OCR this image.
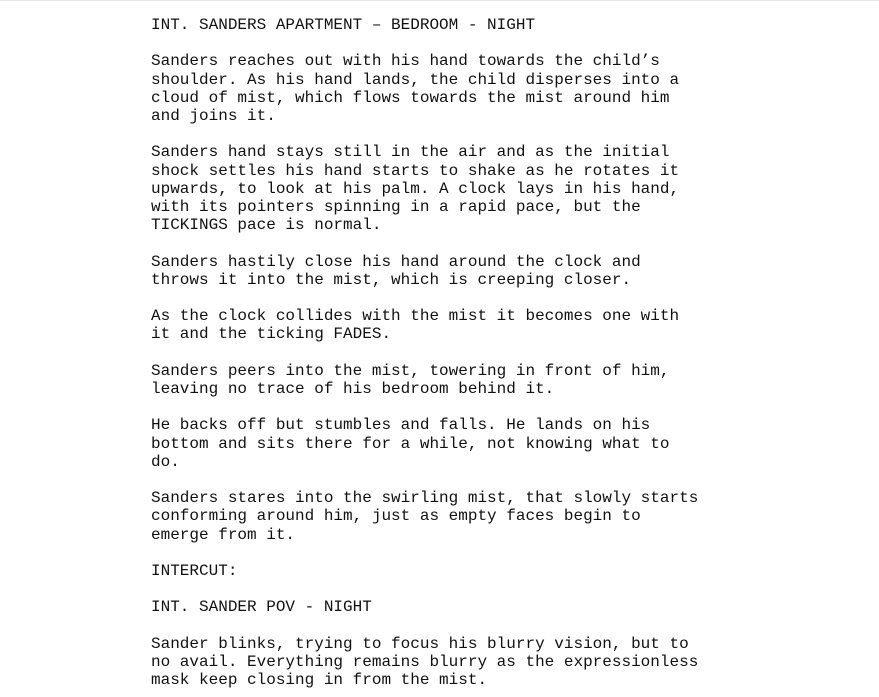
INT. SANDERS APARTMENT – BEDROOM - NIGHT
Sanders reaches out with his hand towards the child’s
shoulder. As his hand lands, the child disperses into a
cloud of mist, which flows towards the mist around him
and joins it.
Sanders hand stays still in the air and as the initial
shock settles his hand starts to shake as he rotates it
upwards, to look at his palm. A clock lays in his hand,
with its pointers spinning in a rapid pace, but the
TICKINGS pace is normal.
Sanders hastily close his hand around the clock and
throws it into the mist, which is creeping closer.
As the clock collides with the mist it becomes one with
it and the ticking FADES.
Sanders peers into the mist, towering in front of him,
leaving no trace of his bedroom behind it.
He backs off but stumbles and falls. He lands on his
bottom and sits there for a while, not knowing what to
do.
Sanders stares into the swirling mist, that slowly starts
conforming around him, just as empty faces begin to
emerge from it.
INTERCUT:
INT. SANDER POV - NIGHT
Sander blinks, trying to focus his blurry vision, but to
no avail. Everything remains blurry as the expressionless
mask keep closing in from the mist.
